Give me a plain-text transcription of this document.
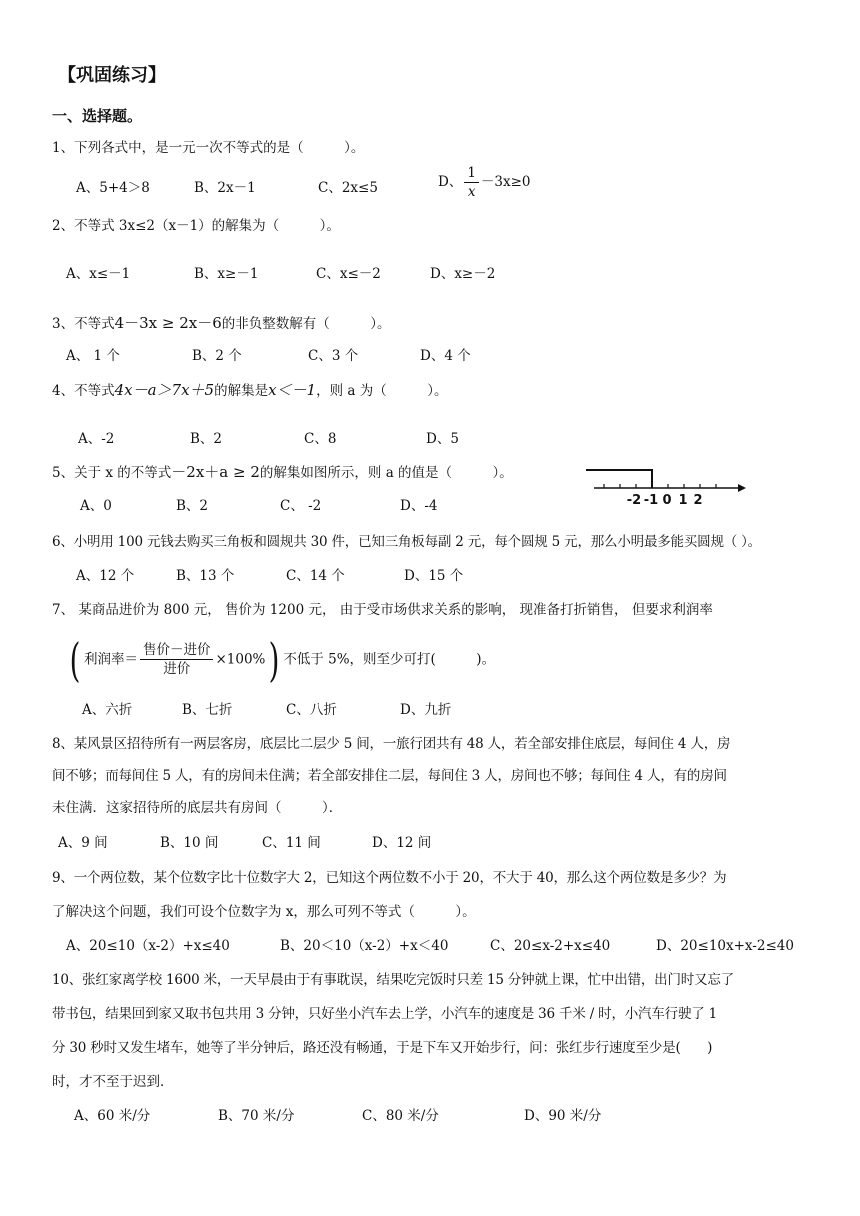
【巩固练习】
一、选择题。
1、下列各式中，是一元一次不等式的是（　　　）。
A、5+4＞8	B、2x－1	C、2x≤5	D、 $\frac{1}{x} -3x\ge 0$
2、不等式 3x≤2（x－1）的解集为（　　　）。
A、x≤－1	B、x≥－1	C、x≤－2	D、x≥－2
3、不等式4－3x ≥ 2x－6的非负整数解有（　　　）。
A、 1 个	B、2 个	C、3 个	D、4 个
4、不等式4x－a＞7x＋5的解集是x＜－1，则 a 为（　　　）。
A、-2	B、2	C、8	D、5
5、关于 x 的不等式－2x＋a ≥ 2的解集如图所示，则 a 的值是（　　　）。
A、0	B、2	C、 -2	D、-4	-2 -1 0 1 2
6、小明用 100 元钱去购买三角板和圆规共 30 件，已知三角板每副 2 元，每个圆规 5 元，那么小明最多能买圆规（ ）。
A、12 个	B、13 个	C、14 个	D、15 个
7、 某商品进价为 800 元， 售价为 1200 元， 由于受市场供求关系的影响， 现准备打折销售， 但要求利润率
( 利润率＝ $\frac{\text{售价－进价}}{\text{进价}} \times 100\%$) 不低于 5%，则至少可打(　　　)。
A、六折	B、七折	C、八折	D、九折
8、某风景区招待所有一两层客房，底层比二层少 5 间，一旅行团共有 48 人，若全部安排住底层，每间住 4 人，房
间不够；而每间住 5 人，有的房间未住满；若全部安排住二层，每间住 3 人，房间也不够；每间住 4 人，有的房间
未住满．这家招待所的底层共有房间（　　　）．
A、9 间	B、10 间	C、11 间	D、12 间
9、一个两位数，某个位数字比十位数字大 2，已知这个两位数不小于 20，不大于 40，那么这个两位数是多少？为
了解决这个问题，我们可设个位数字为 x，那么可列不等式（　　　）。
A、20≤10（x-2）+x≤40	B、20＜10（x-2）+x＜40	C、20≤x-2+x≤40	D、20≤10x+x-2≤40
10、张红家离学校 1600 米，一天早晨由于有事耽误，结果吃完饭时只差 15 分钟就上课，忙中出错，出门时又忘了
带书包，结果回到家又取书包共用 3 分钟，只好坐小汽车去上学，小汽车的速度是 36 千米 / 时，小汽车行驶了 1
分 30 秒时又发生堵车，她等了半分钟后，路还没有畅通，于是下车又开始步行，问：张红步行速度至少是(　　)
时，才不至于迟到．
A、60 米/分	B、70 米/分	C、80 米/分	D、90 米/分
